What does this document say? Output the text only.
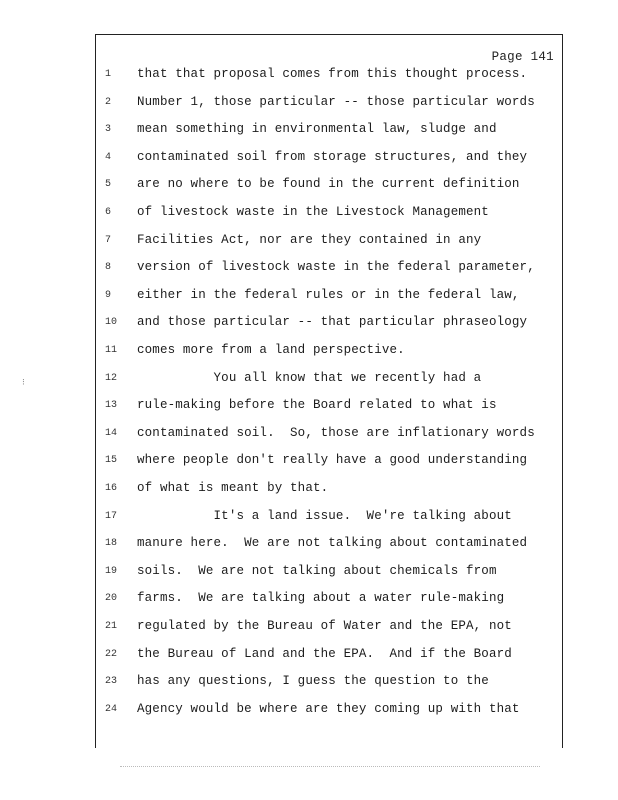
Page 141
1	that that proposal comes from this thought process.
2	Number 1, those particular -- those particular words
3	mean something in environmental law, sludge and
4	contaminated soil from storage structures, and they
5	are no where to be found in the current definition
6	of livestock waste in the Livestock Management
7	Facilities Act, nor are they contained in any
8	version of livestock waste in the federal parameter,
9	either in the federal rules or in the federal law,
10	and those particular -- that particular phraseology
11	comes more from a land perspective.
12	You all know that we recently had a
13	rule-making before the Board related to what is
14	contaminated soil.  So, those are inflationary words
15	where people don't really have a good understanding
16	of what is meant by that.
17	It's a land issue.  We're talking about
18	manure here.  We are not talking about contaminated
19	soils.  We are not talking about chemicals from
20	farms.  We are talking about a water rule-making
21	regulated by the Bureau of Water and the EPA, not
22	the Bureau of Land and the EPA.  And if the Board
23	has any questions, I guess the question to the
24	Agency would be where are they coming up with that
⁝
